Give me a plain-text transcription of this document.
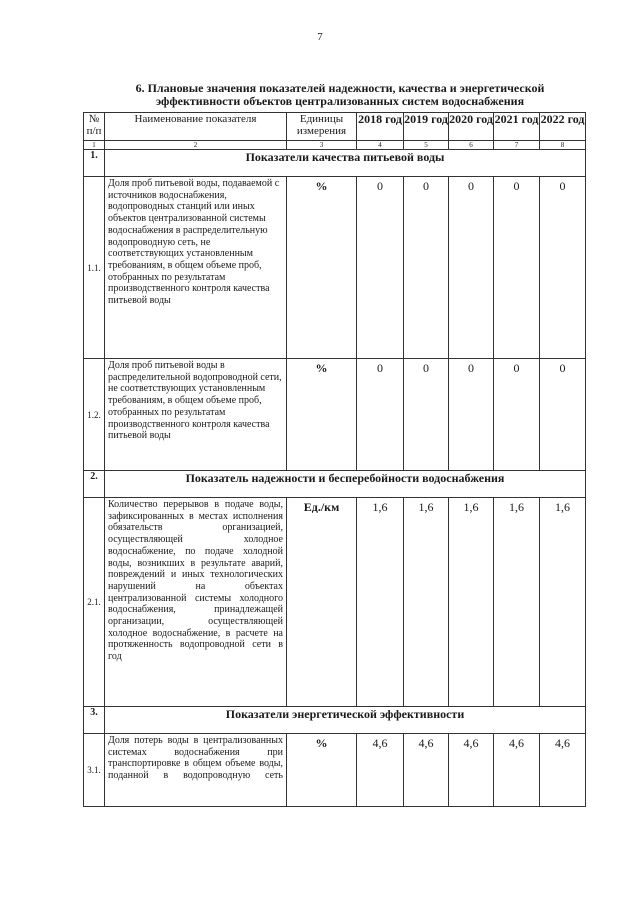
7
6. Плановые значения показателей надежности, качества и энергетической
эффективности объектов централизованных систем водоснабжения
№ п/п	Наименование показателя	Единицы измерения	2018 год	2019 год	2020 год	2021 год	2022 год
1	2	3	4	5	6	7	8
1.	Показатели качества питьевой воды						
1.1.	Доля проб питьевой воды, подаваемой с источников водоснабжения, водопроводных станций или иных объектов централизованной системы водоснабжения в распределительную водопроводную сеть, не соответствующих установленным требованиям, в общем объеме проб, отобранных по результатам производственного контроля качества питьевой воды	%	0	0	0	0	0
1.2.	Доля проб питьевой воды в распределительной водопроводной сети, не соответствующих установленным требованиям, в общем объеме проб, отобранных по результатам производственного контроля качества питьевой воды	%	0	0	0	0	0
2.	Показатель надежности и бесперебойности водоснабжения						
2.1.	Количество перерывов в подаче воды, зафиксированных в местах исполнения обязательств организацией, осуществляющей холодное водоснабжение, по подаче холодной воды, возникших в результате аварий, повреждений и иных технологических нарушений на объектах централизованной системы холодного водоснабжения, принадлежащей организации, осуществляющей холодное водоснабжение, в расчете на протяженность водопроводной сети в год	Ед./км	1,6	1,6	1,6	1,6	1,6
3.	Показатели энергетической эффективности						
3.1.	Доля потерь воды в централизованных системах водоснабжения при транспортировке в общем объеме воды, поданной в водопроводную сеть	%	4,6	4,6	4,6	4,6	4,6
